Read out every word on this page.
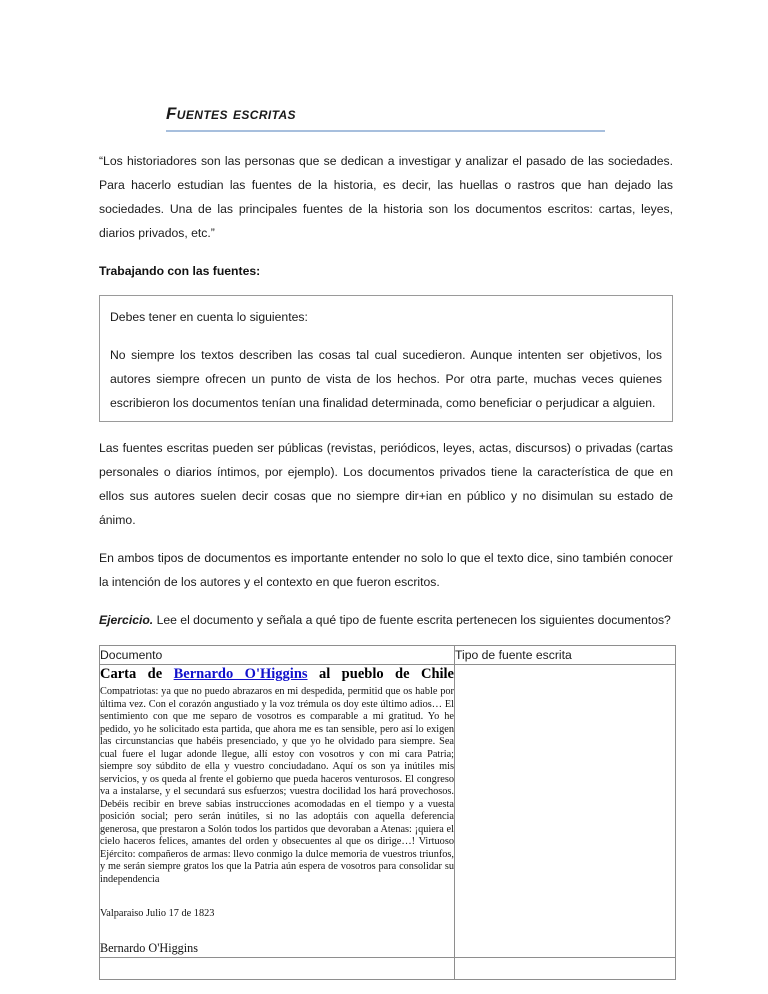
Fuentes escritas

“Los historiadores son las personas que se dedican a investigar y analizar el pasado de las sociedades. Para hacerlo estudian las fuentes de la historia, es decir, las huellas o rastros que han dejado las sociedades. Una de las principales fuentes de la historia son los documentos escritos: cartas, leyes, diarios privados, etc.”

Trabajando con las fuentes:

Debes tener en cuenta lo siguientes:

No siempre los textos describen las cosas tal cual sucedieron. Aunque intenten ser objetivos, los autores siempre ofrecen un punto de vista de los hechos. Por otra parte, muchas veces quienes escribieron los documentos tenían una finalidad determinada, como beneficiar o perjudicar a alguien.

Las fuentes escritas pueden ser públicas (revistas, periódicos, leyes, actas, discursos) o privadas (cartas personales o diarios íntimos, por ejemplo). Los documentos privados tiene la característica de que en ellos sus autores suelen decir cosas que no siempre dir+ian en público y no disimulan su estado de ánimo.

En ambos tipos de documentos es importante entender no solo lo que el texto dice, sino también conocer la intención de los autores y el contexto en que fueron escritos.

Ejercicio. Lee el documento y señala a qué tipo de fuente escrita pertenecen los siguientes documentos?

Documento	Tipo de fuente escrita

Carta de Bernardo O'Higgins al pueblo de Chile

Compatriotas: ya que no puedo abrazaros en mi despedida, permitid que os hable por última vez. Con el corazón angustiado y la voz trémula os doy este último adios… El sentimiento con que me separo de vosotros es comparable a mi gratitud. Yo he pedido, yo he solicitado esta partida, que ahora me es tan sensible, pero así lo exigen las circunstancias que habéis presenciado, y que yo he olvidado para siempre. Sea cual fuere el lugar adonde llegue, allí estoy con vosotros y con mi cara Patria; siempre soy súbdito de ella y vuestro conciudadano. Aquí os son ya inútiles mis servicios, y os queda al frente el gobierno que pueda haceros venturosos. El congreso va a instalarse, y el secundará sus esfuerzos; vuestra docilidad los hará provechosos. Debéis recibir en breve sabias instrucciones acomodadas en el tiempo y a vuesta posición social; pero serán inútiles, si no las adoptáis con aquella deferencia generosa, que prestaron a Solón todos los partidos que devoraban a Atenas: ¡quiera el cielo haceros felices, amantes del orden y obsecuentes al que os dirige…! Virtuoso Ejército: compañeros de armas: llevo conmigo la dulce memoria de vuestros triunfos, y me serán siempre gratos los que la Patria aún espera de vosotros para consolidar su independencia

Valparaiso Julio 17 de 1823

Bernardo O'Higgins	
